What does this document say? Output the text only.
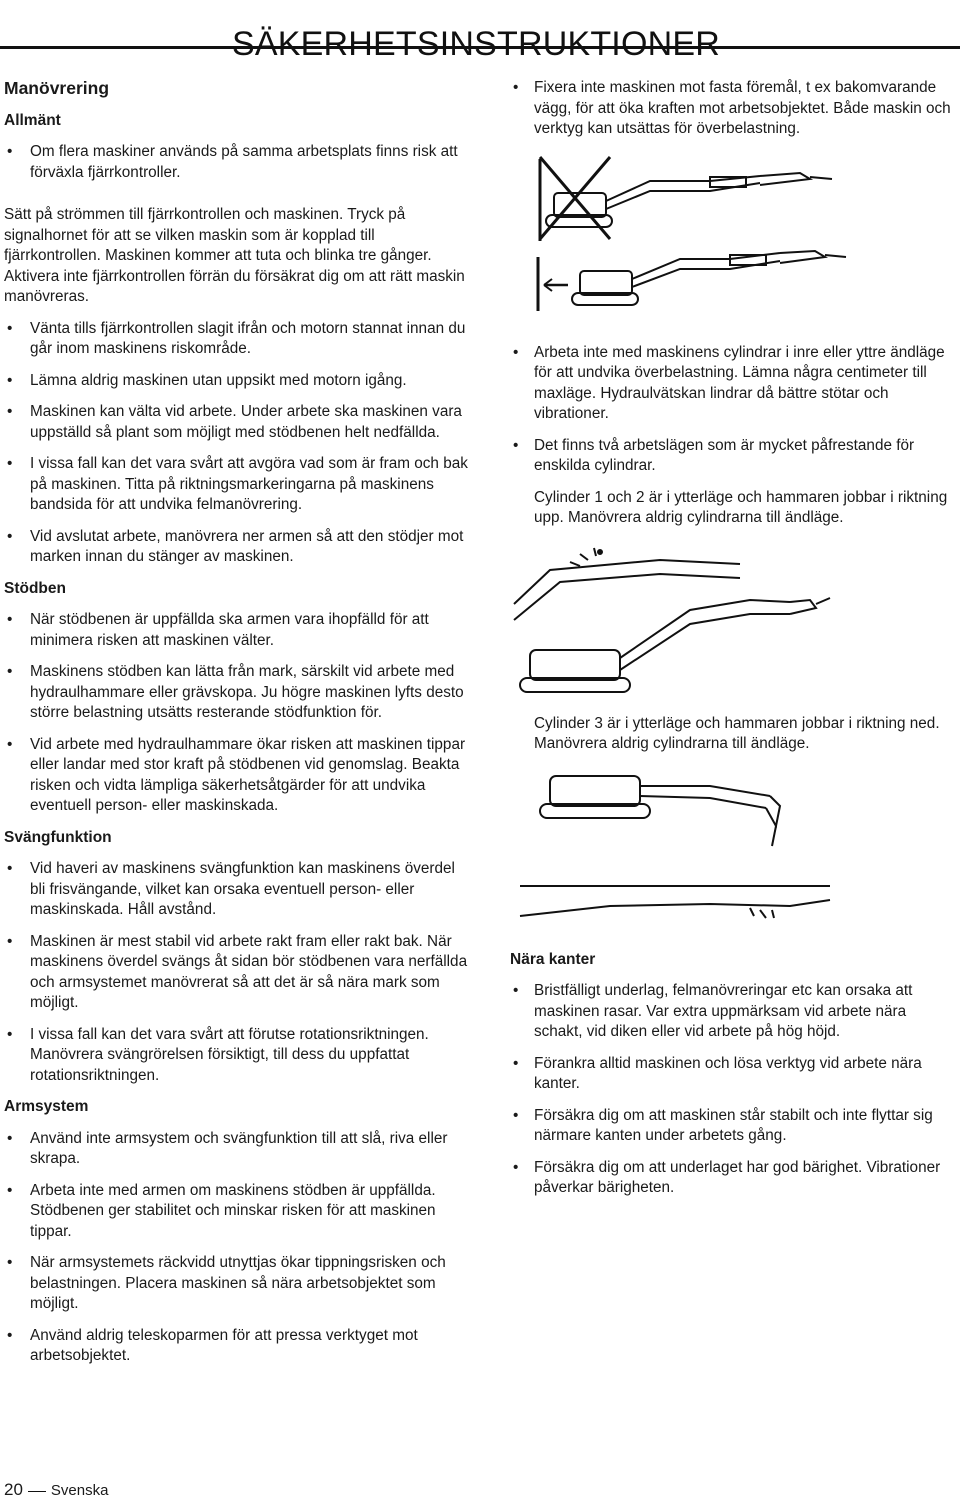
SÄKERHETSINSTRUKTIONER
Manövrering
Allmänt
• Om flera maskiner används på samma arbetsplats finns risk att förväxla fjärrkontroller.
Sätt på strömmen till fjärrkontrollen och maskinen. Tryck på signalhornet för att se vilken maskin som är kopplad till fjärrkontrollen. Maskinen kommer att tuta och blinka tre gånger. Aktivera inte fjärrkontrollen förrän du försäkrat dig om att rätt maskin manövreras.
• Vänta tills fjärrkontrollen slagit ifrån och motorn stannat innan du går inom maskinens riskområde.
• Lämna aldrig maskinen utan uppsikt med motorn igång.
• Maskinen kan välta vid arbete. Under arbete ska maskinen vara uppställd så plant som möjligt med stödbenen helt nedfällda.
• I vissa fall kan det vara svårt att avgöra vad som är fram och bak på maskinen. Titta på riktningsmarkeringarna på maskinens bandsida för att undvika felmanövrering.
• Vid avslutat arbete, manövrera ner armen så att den stödjer mot marken innan du stänger av maskinen.
Stödben
• När stödbenen är uppfällda ska armen vara ihopfälld för att minimera risken att maskinen välter.
• Maskinens stödben kan lätta från mark, särskilt vid arbete med hydraulhammare eller grävskopa. Ju högre maskinen lyfts desto större belastning utsätts resterande stödfunktion för.
• Vid arbete med hydraulhammare ökar risken att maskinen tippar eller landar med stor kraft på stödbenen vid genomslag. Beakta risken och vidta lämpliga säkerhetsåtgärder för att undvika eventuell person- eller maskinskada.
Svängfunktion
• Vid haveri av maskinens svängfunktion kan maskinens överdel bli frisvängande, vilket kan orsaka eventuell person- eller maskinskada. Håll avstånd.
• Maskinen är mest stabil vid arbete rakt fram eller rakt bak. När maskinens överdel svängs åt sidan bör stödbenen vara nerfällda och armsystemet manövrerat så att det är så nära mark som möjligt.
• I vissa fall kan det vara svårt att förutse rotationsriktningen. Manövrera svängrörelsen försiktigt, till dess du uppfattat rotationsriktningen.
Armsystem
• Använd inte armsystem och svängfunktion till att slå, riva eller skrapa.
• Arbeta inte med armen om maskinens stödben är uppfällda. Stödbenen ger stabilitet och minskar risken för att maskinen tippar.
• När armsystemets räckvidd utnyttjas ökar tippningsrisken och belastningen. Placera maskinen så nära arbetsobjektet som möjligt.
• Använd aldrig teleskoparmen för att pressa verktyget mot arbetsobjektet.
• Fixera inte maskinen mot fasta föremål, t ex bakomvarande vägg, för att öka kraften mot arbetsobjektet. Både maskin och verktyg kan utsättas för överbelastning.
• Arbeta inte med maskinens cylindrar i inre eller yttre ändläge för att undvika överbelastning. Lämna några centimeter till maxläge. Hydraulvätskan lindrar då bättre stötar och vibrationer.
• Det finns två arbetslägen som är mycket påfrestande för enskilda cylindrar.
Cylinder 1 och 2 är i ytterläge och hammaren jobbar i riktning upp. Manövrera aldrig cylindrarna till ändläge.
Cylinder 3 är i ytterläge och hammaren jobbar i riktning ned. Manövrera aldrig cylindrarna till ändläge.
Nära kanter
• Bristfälligt underlag, felmanövreringar etc kan orsaka att maskinen rasar. Var extra uppmärksam vid arbete nära schakt, vid diken eller vid arbete på hög höjd.
• Förankra alltid maskinen och lösa verktyg vid arbete nära kanter.
• Försäkra dig om att maskinen står stabilt och inte flyttar sig närmare kanten under arbetets gång.
• Försäkra dig om att underlaget har god bärighet. Vibrationer påverkar bärigheten.
20 Svenska
